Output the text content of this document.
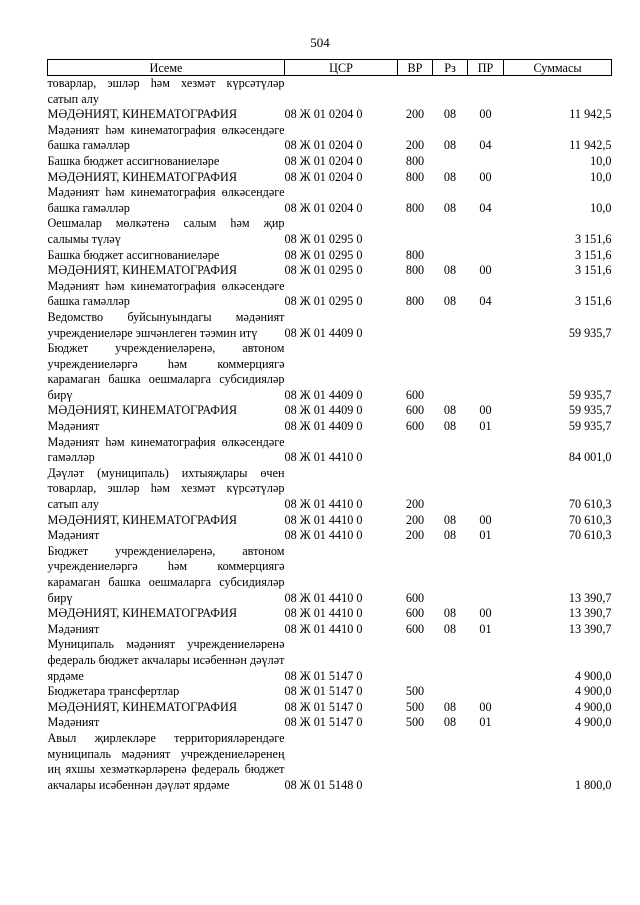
504
Исеме	ЦСР	ВР	Рз	ПР	Суммасы
товарлар, эшләр һәм хезмәт күрсәтүләр сатып алу					
МӘДӘНИЯТ, КИНЕМАТОГРАФИЯ	08 Ж 01 0204 0	200	08	00	11 942,5
Мәдәният һәм кинематография өлкәсендәге башка гамәлләр	08 Ж 01 0204 0	200	08	04	11 942,5
Башка бюджет ассигнованиеләре	08 Ж 01 0204 0	800			10,0
МӘДӘНИЯТ, КИНЕМАТОГРАФИЯ	08 Ж 01 0204 0	800	08	00	10,0
Мәдәният һәм кинематография өлкәсендәге башка гамәлләр	08 Ж 01 0204 0	800	08	04	10,0
Оешмалар мөлкәтенә салым һәм җир салымы түләү	08 Ж 01 0295 0				3 151,6
Башка бюджет ассигнованиеләре	08 Ж 01 0295 0	800			3 151,6
МӘДӘНИЯТ, КИНЕМАТОГРАФИЯ	08 Ж 01 0295 0	800	08	00	3 151,6
Мәдәният һәм кинематография өлкәсендәге башка гамәлләр	08 Ж 01 0295 0	800	08	04	3 151,6
Ведомство буйсынуындагы мәдәният учреждениеләре эшчәнлеген тәэмин итү	08 Ж 01 4409 0				59 935,7
Бюджет учреждениеләренә, автоном учреждениеләргә һәм коммерциягә карамаган башка оешмаларга субсидияләр бирү	08 Ж 01 4409 0	600			59 935,7
МӘДӘНИЯТ, КИНЕМАТОГРАФИЯ	08 Ж 01 4409 0	600	08	00	59 935,7
Мәдәният	08 Ж 01 4409 0	600	08	01	59 935,7
Мәдәният һәм кинематография өлкәсендәге гамәлләр	08 Ж 01 4410 0				84 001,0
Дәүләт (муниципаль) ихтыяҗлары өчен товарлар, эшләр һәм хезмәт күрсәтүләр сатып алу	08 Ж 01 4410 0	200			70 610,3
МӘДӘНИЯТ, КИНЕМАТОГРАФИЯ	08 Ж 01 4410 0	200	08	00	70 610,3
Мәдәният	08 Ж 01 4410 0	200	08	01	70 610,3
Бюджет учреждениеләренә, автоном учреждениеләргә һәм коммерциягә карамаган башка оешмаларга субсидияләр бирү	08 Ж 01 4410 0	600			13 390,7
МӘДӘНИЯТ, КИНЕМАТОГРАФИЯ	08 Ж 01 4410 0	600	08	00	13 390,7
Мәдәният	08 Ж 01 4410 0	600	08	01	13 390,7
Муниципаль мәдәният учреждениеләренә федераль бюджет акчалары исәбеннән дәүләт ярдәме	08 Ж 01 5147 0				4 900,0
Бюджетара трансфертлар	08 Ж 01 5147 0	500			4 900,0
МӘДӘНИЯТ, КИНЕМАТОГРАФИЯ	08 Ж 01 5147 0	500	08	00	4 900,0
Мәдәният	08 Ж 01 5147 0	500	08	01	4 900,0
Авыл җирлекләре территорияләрендәге муниципаль мәдәният учреждениеләренең иң яхшы хезмәткәрләренә федераль бюджет акчалары исәбеннән дәүләт ярдәме	08 Ж 01 5148 0				1 800,0
